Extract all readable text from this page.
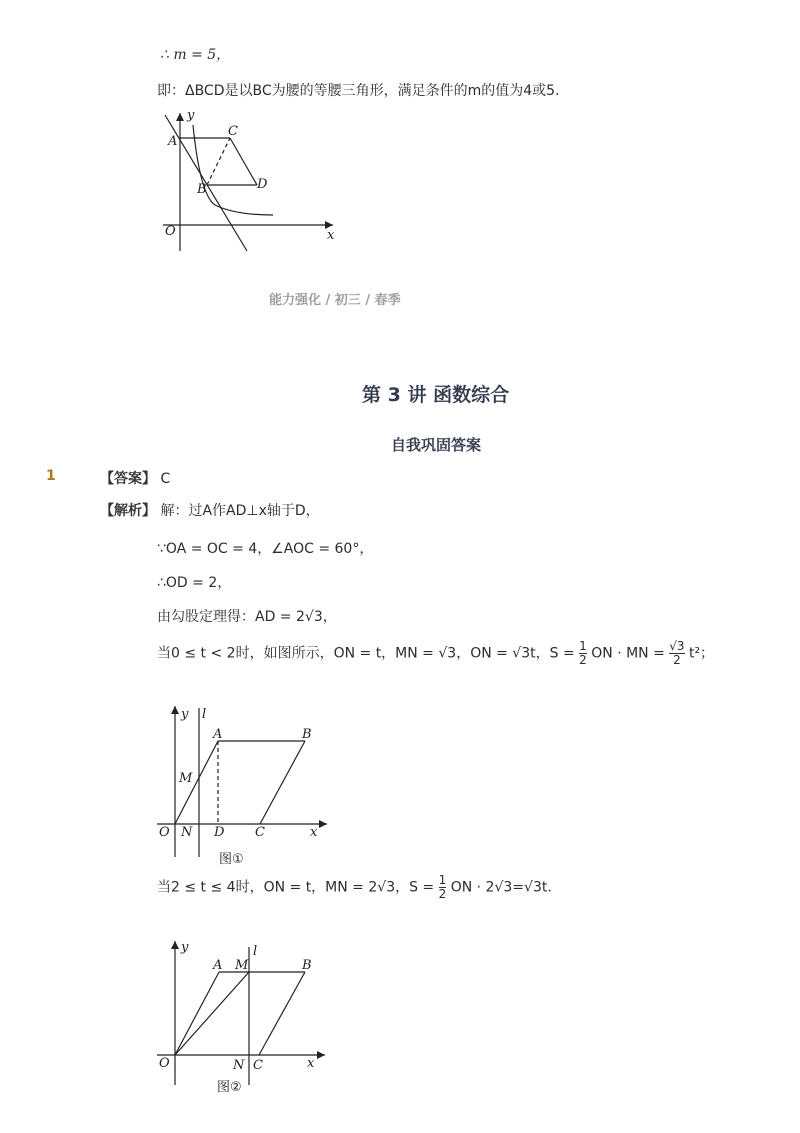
∴ m = 5，
即：ΔBCD是以BC为腰的等腰三角形，满足条件的m的值为4或5．
y
A
C
B	D
O	x
能力强化 / 初三 / 春季
第 3 讲 函数综合
自我巩固答案
1	【答案】 C
【解析】 解：过A作AD⊥x轴于D，
∵OA = OC = 4，∠AOC = 60°，
∴OD = 2，
由勾股定理得：AD = 2√3，
当0 ≤ t < 2时，如图所示，ON = t，MN = √3，ON = √3t，$S = \frac{1}{2}$ ON · MN = $\frac{√3}{2} t^2$；
y l
A	B
M
O N D C	x
图①
当2 ≤ t ≤ 4时，ON = t，MN = 2√3，$S = \frac{1}{2}$ ON · 2√3=√3t.
y	l
A M	B
O	N C	x
图②
